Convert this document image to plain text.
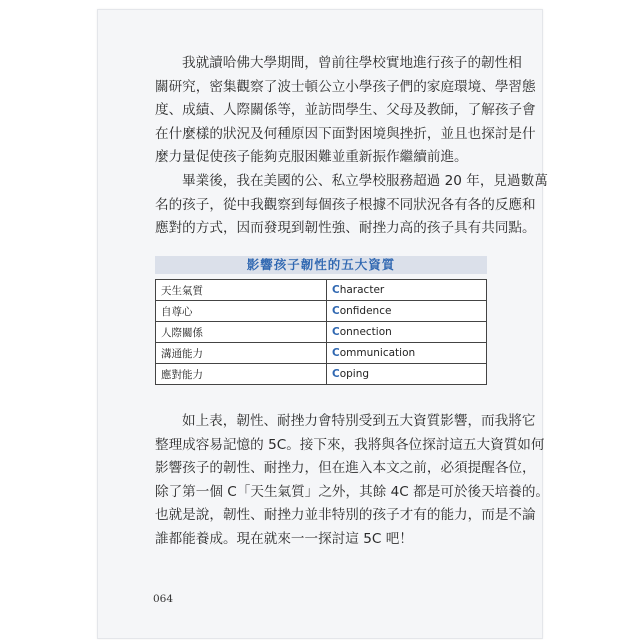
我就讀哈佛大學期間，曾前往學校實地進行孩子的韌性相
關研究，密集觀察了波士頓公立小學孩子們的家庭環境、學習態
度、成績、人際關係等，並訪問學生、父母及教師，了解孩子會
在什麼樣的狀況及何種原因下面對困境與挫折，並且也探討是什
麼力量促使孩子能夠克服困難並重新振作繼續前進。
畢業後，我在美國的公、私立學校服務超過 20 年，見過數萬
名的孩子，從中我觀察到每個孩子根據不同狀況各有各的反應和
應對的方式，因而發現到韌性強、耐挫力高的孩子具有共同點。
影響孩子韌性的五大資質
天生氣質	Character
自尊心	Confidence
人際關係	Connection
溝通能力	Communication
應對能力	Coping
如上表，韌性、耐挫力會特別受到五大資質影響，而我將它
整理成容易記憶的 5C。接下來，我將與各位探討這五大資質如何
影響孩子的韌性、耐挫力，但在進入本文之前，必須提醒各位，
除了第一個 C「天生氣質」之外，其餘 4C 都是可於後天培養的。
也就是說，韌性、耐挫力並非特別的孩子才有的能力，而是不論
誰都能養成。現在就來一一探討這 5C 吧！
064
